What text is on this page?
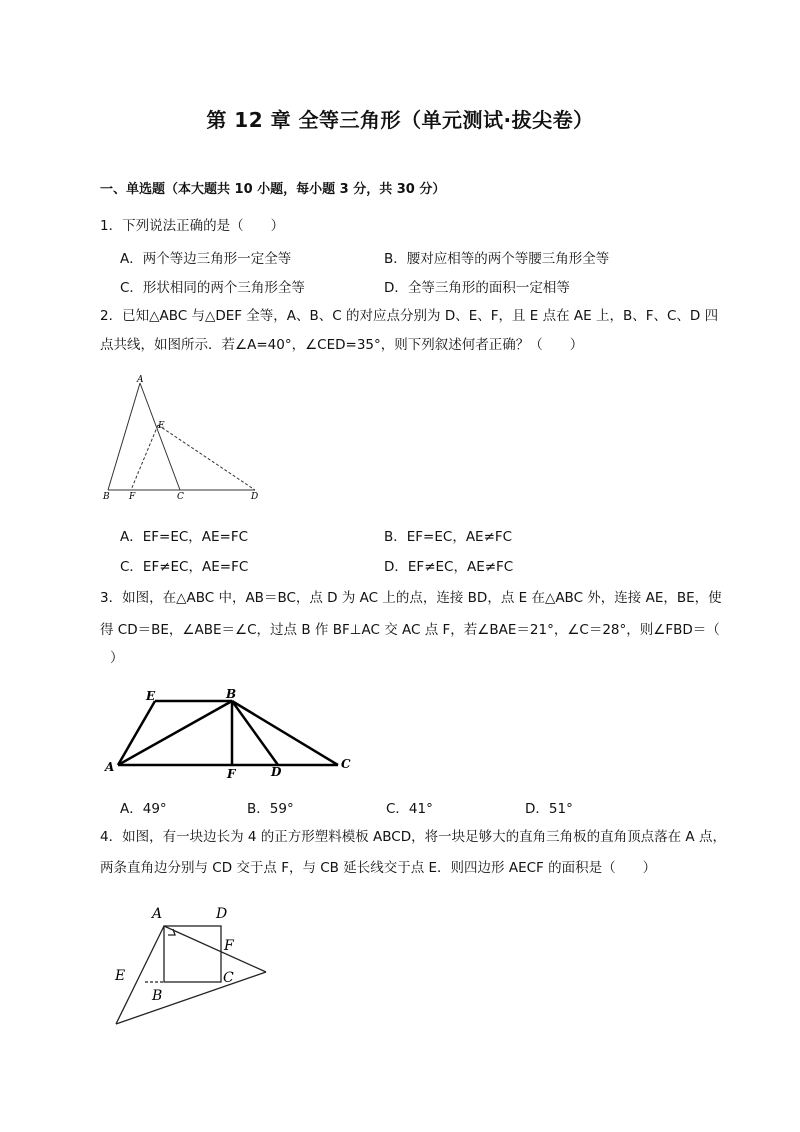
第 12 章 全等三角形（单元测试·拔尖卷）
一、单选题（本大题共 10 小题，每小题 3 分，共 30 分）
1．下列说法正确的是（　　）
A．两个等边三角形一定全等	B．腰对应相等的两个等腰三角形全等
C．形状相同的两个三角形全等	D．全等三角形的面积一定相等
2．已知△ABC 与△DEF 全等，A、B、C 的对应点分别为 D、E、F，且 E 点在 AE 上，B、F、C、D 四
点共线，如图所示．若∠A=40°，∠CED=35°，则下列叙述何者正确？（　　）
A
E
B F	C	D
A．EF=EC，AE=FC	B．EF=EC，AE≠FC
C．EF≠EC，AE=FC	D．EF≠EC，AE≠FC
3．如图，在△ABC 中，AB＝BC，点 D 为 AC 上的点，连接 BD，点 E 在△ABC 外，连接 AE，BE，使
得 CD＝BE，∠ABE＝∠C，过点 B 作 BF⊥AC 交 AC 点 F，若∠BAE＝21°，∠C＝28°，则∠FBD＝（
）
E	B
A	F	D
C
A．49°	B．59°	C．41°	D．51°
4．如图，有一块边长为 4 的正方形塑料模板 ABCD，将一块足够大的直角三角板的直角顶点落在 A 点，
两条直角边分别与 CD 交于点 F，与 CB 延长线交于点 E．则四边形 AECF 的面积是（　　）
A	D
F
E
B
C
